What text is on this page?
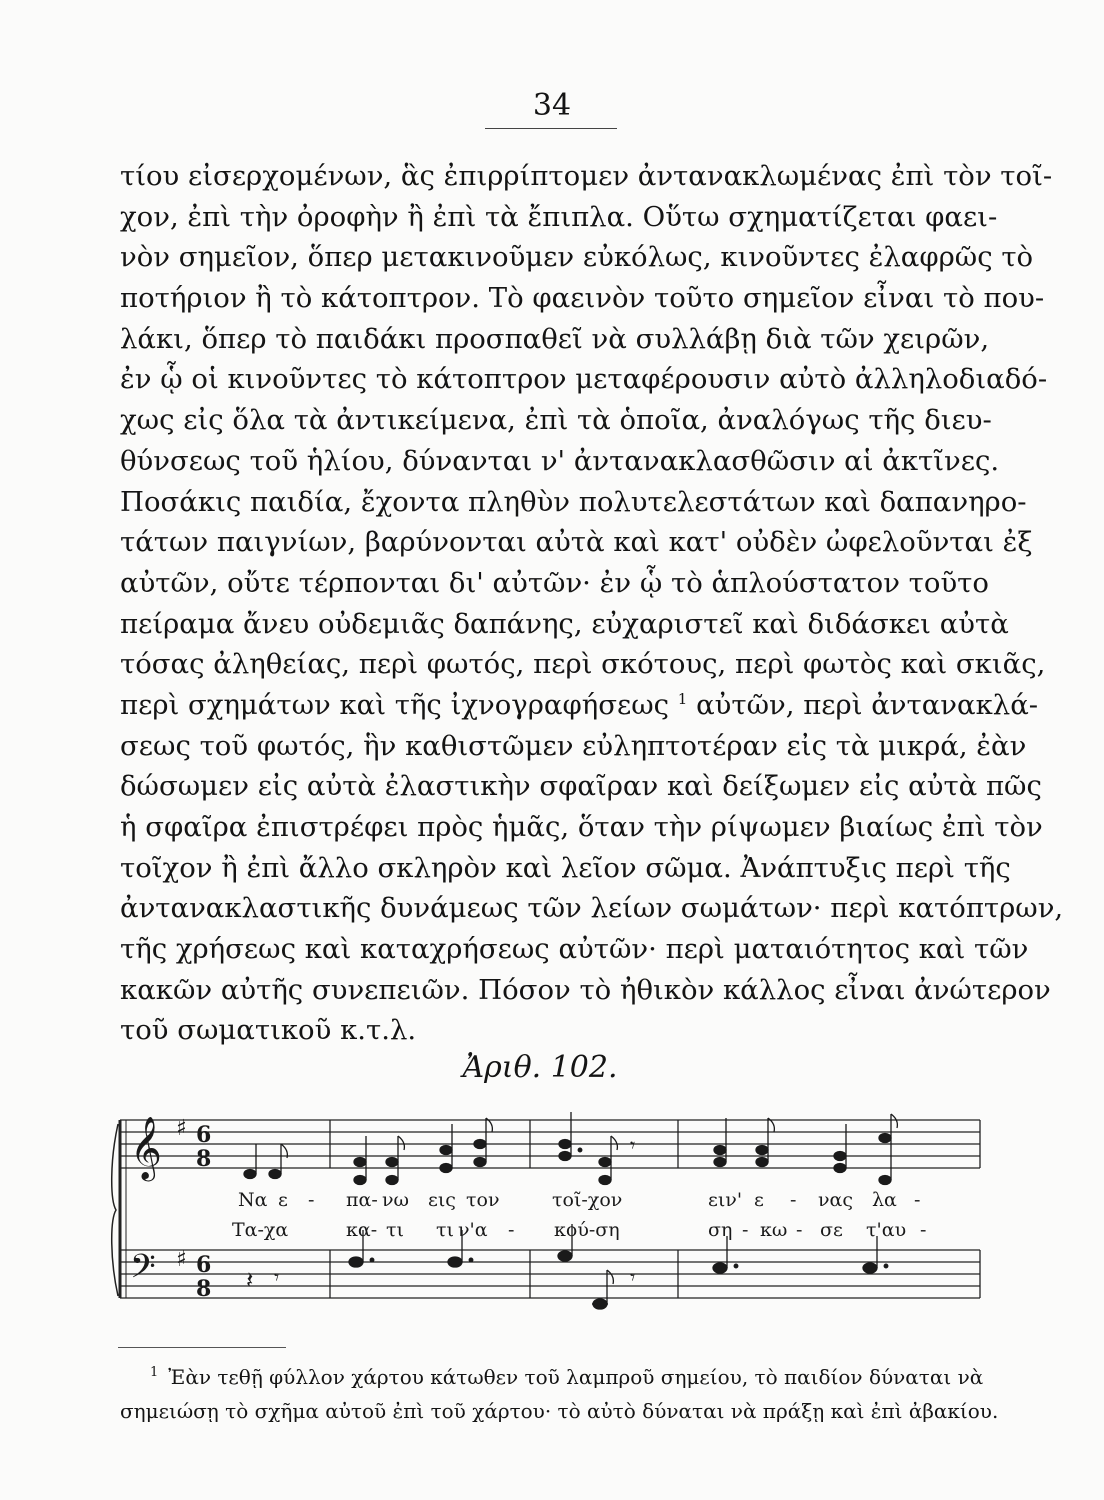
34
τίου εἰσερχομένων, ἃς ἐπιρρίπτομεν ἀντανακλωμένας ἐπὶ τὸν τοῖ-
χον, ἐπὶ τὴν ὀροφὴν ἢ ἐπὶ τὰ ἔπιπλα. Οὕτω σχηματίζεται φαει-
νὸν σημεῖον, ὅπερ μετακινοῦμεν εὐκόλως, κινοῦντες ἐλαφρῶς τὸ
ποτήριον ἢ τὸ κάτοπτρον. Τὸ φαεινὸν τοῦτο σημεῖον εἶναι τὸ που-
λάκι, ὅπερ τὸ παιδάκι προσπαθεῖ νὰ συλλάβῃ διὰ τῶν χειρῶν,
ἐν ᾧ οἱ κινοῦντες τὸ κάτοπτρον μεταφέρουσιν αὐτὸ ἀλληλοδιαδό-
χως εἰς ὅλα τὰ ἀντικείμενα, ἐπὶ τὰ ὁποῖα, ἀναλόγως τῆς διευ-
θύνσεως τοῦ ἡλίου, δύνανται ν' ἀντανακλασθῶσιν αἱ ἀκτῖνες.
Ποσάκις παιδία, ἔχοντα πληθὺν πολυτελεστάτων καὶ δαπανηρο-
τάτων παιγνίων, βαρύνονται αὐτὰ καὶ κατ' οὐδὲν ὠφελοῦνται ἐξ
αὐτῶν, οὔτε τέρπονται δι' αὐτῶν· ἐν ᾧ τὸ ἁπλούστατον τοῦτο
πείραμα ἄνευ οὐδεμιᾶς δαπάνης, εὐχαριστεῖ καὶ διδάσκει αὐτὰ
τόσας ἀληθείας, περὶ φωτός, περὶ σκότους, περὶ φωτὸς καὶ σκιᾶς,
περὶ σχημάτων καὶ τῆς ἰχνογραφήσεως $^1$ αὐτῶν, περὶ ἀντανακλά-
σεως τοῦ φωτός, ἣν καθιστῶμεν εὐληπτοτέραν εἰς τὰ μικρά, ἐὰν
δώσωμεν εἰς αὐτὰ ἐλαστικὴν σφαῖραν καὶ δείξωμεν εἰς αὐτὰ πῶς
ἡ σφαῖρα ἐπιστρέφει πρὸς ἡμᾶς, ὅταν τὴν ρίψωμεν βιαίως ἐπὶ τὸν
τοῖχον ἢ ἐπὶ ἄλλο σκληρὸν καὶ λεῖον σῶμα. Ἀνάπτυξις περὶ τῆς
ἀντανακλαστικῆς δυνάμεως τῶν λείων σωμάτων· περὶ κατόπτρων,
τῆς χρήσεως καὶ καταχρήσεως αὐτῶν· περὶ ματαιότητος καὶ τῶν
κακῶν αὐτῆς συνεπειῶν. Πόσον τὸ ἠθικὸν κάλλος εἶναι ἀνώτερον
τοῦ σωματικοῦ κ.τ.λ.
Ἀριθ. 102.
𝄞
𝄢
♯
♯
6
8
6
8
𝄾
𝄽 𝄾	𝄾
Να ε - πα- νω εις τον	τοῖ-χον	ειν' ε - νας λα -
Τα-χα	κα- τι τι ν'α - κού-ση	ση - κω - σε τ'αυ -
$^1$ Ἐὰν τεθῇ φύλλον χάρτου κάτωθεν τοῦ λαμπροῦ σημείου, τὸ παιδίον δύναται νὰ
σημειώσῃ τὸ σχῆμα αὐτοῦ ἐπὶ τοῦ χάρτου· τὸ αὐτὸ δύναται νὰ πράξῃ καὶ ἐπὶ ἀβακίου.
